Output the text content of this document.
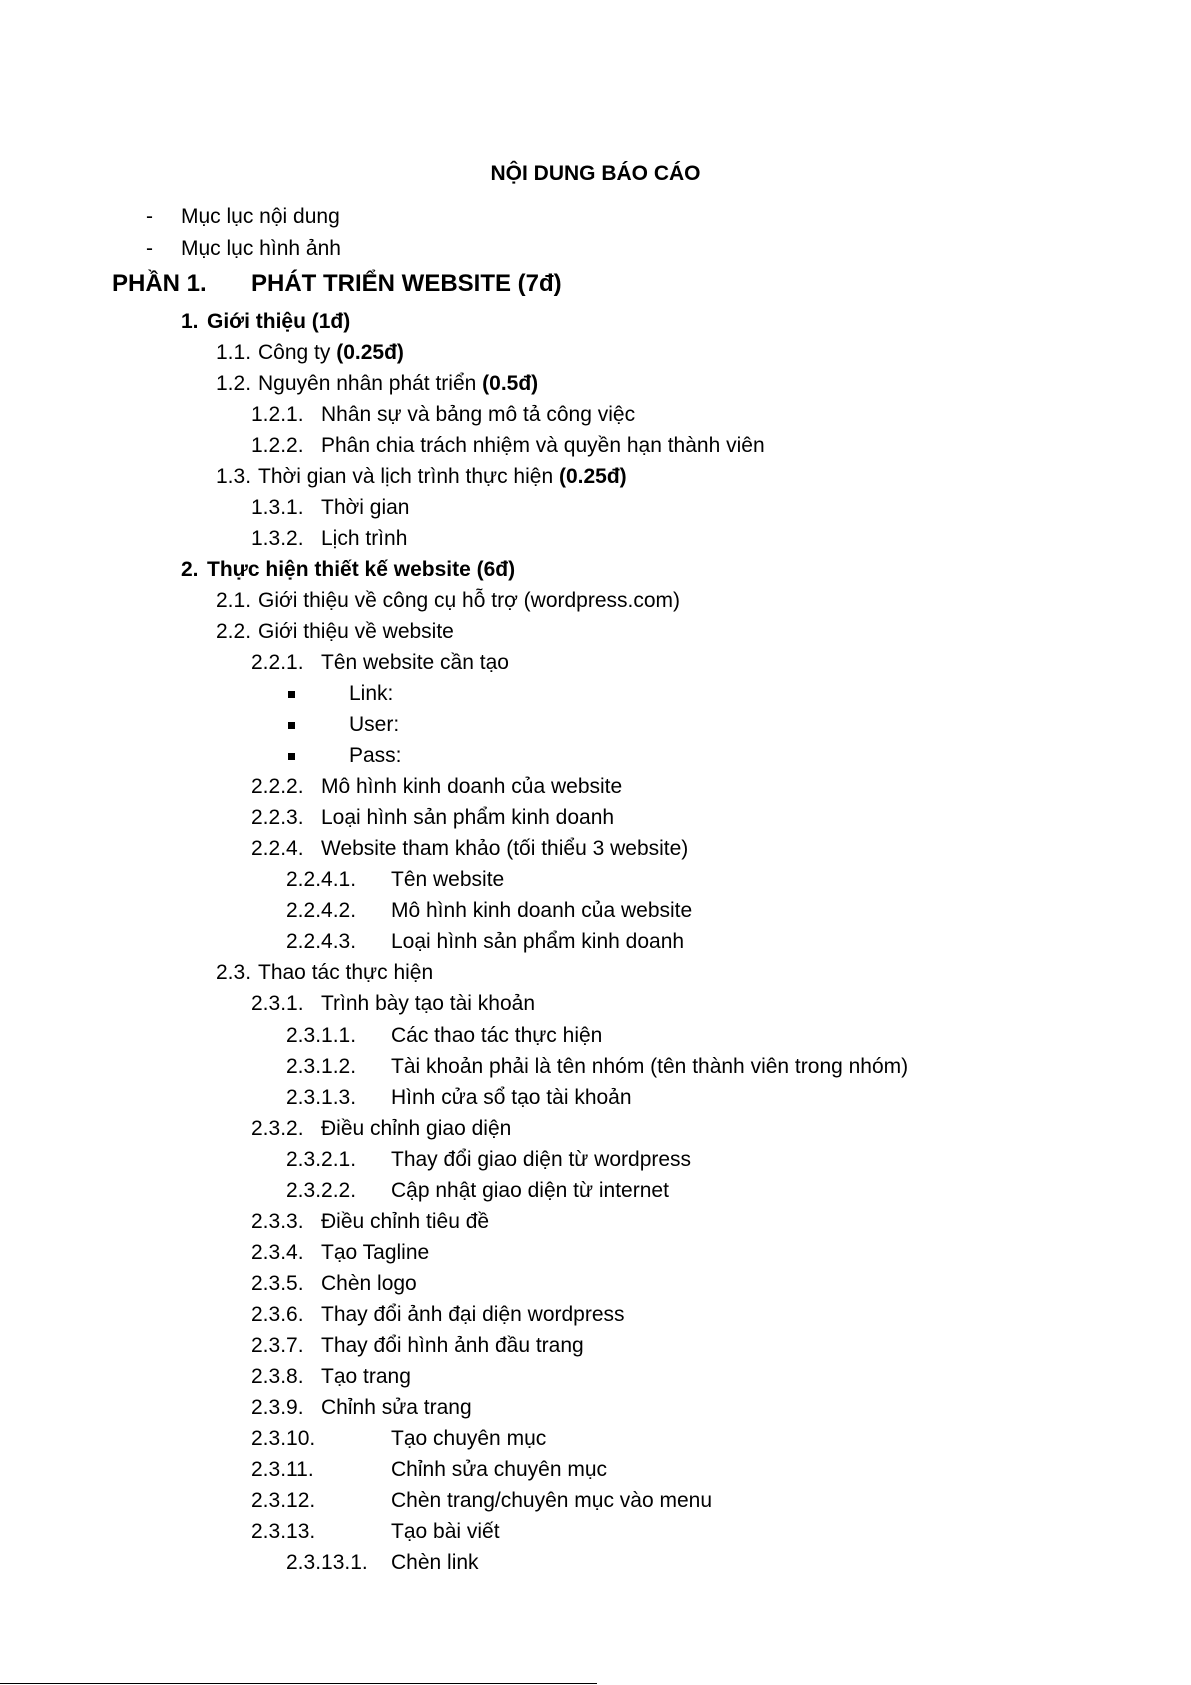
NỘI DUNG BÁO CÁO
- Mục lục nội dung
- Mục lục hình ảnh
PHẦN 1. PHÁT TRIỂN WEBSITE (7đ)
1. Giới thiệu (1đ)
1.1. Công ty (0.25đ)
1.2. Nguyên nhân phát triển (0.5đ)
1.2.1. Nhân sự và bảng mô tả công việc
1.2.2. Phân chia trách nhiệm và quyền hạn thành viên
1.3. Thời gian và lịch trình thực hiện (0.25đ)
1.3.1. Thời gian
1.3.2. Lịch trình
2. Thực hiện thiết kế website (6đ)
2.1. Giới thiệu về công cụ hỗ trợ (wordpress.com)
2.2. Giới thiệu về website
2.2.1. Tên website cần tạo
Link:
User:
Pass:
2.2.2. Mô hình kinh doanh của website
2.2.3. Loại hình sản phẩm kinh doanh
2.2.4. Website tham khảo (tối thiểu 3 website)
2.2.4.1. Tên website
2.2.4.2. Mô hình kinh doanh của website
2.2.4.3. Loại hình sản phẩm kinh doanh
2.3. Thao tác thực hiện
2.3.1. Trình bày tạo tài khoản
2.3.1.1. Các thao tác thực hiện
2.3.1.2. Tài khoản phải là tên nhóm (tên thành viên trong nhóm)
2.3.1.3. Hình cửa sổ tạo tài khoản
2.3.2. Điều chỉnh giao diện
2.3.2.1. Thay đổi giao diện từ wordpress
2.3.2.2. Cập nhật giao diện từ internet
2.3.3. Điều chỉnh tiêu đề
2.3.4. Tạo Tagline
2.3.5. Chèn logo
2.3.6. Thay đổi ảnh đại diện wordpress
2.3.7. Thay đổi hình ảnh đầu trang
2.3.8. Tạo trang
2.3.9. Chỉnh sửa trang
2.3.10.	Tạo chuyên mục
2.3.11.	Chỉnh sửa chuyên mục
2.3.12.	Chèn trang/chuyên mục vào menu
2.3.13.	Tạo bài viết
2.3.13.1. Chèn link
